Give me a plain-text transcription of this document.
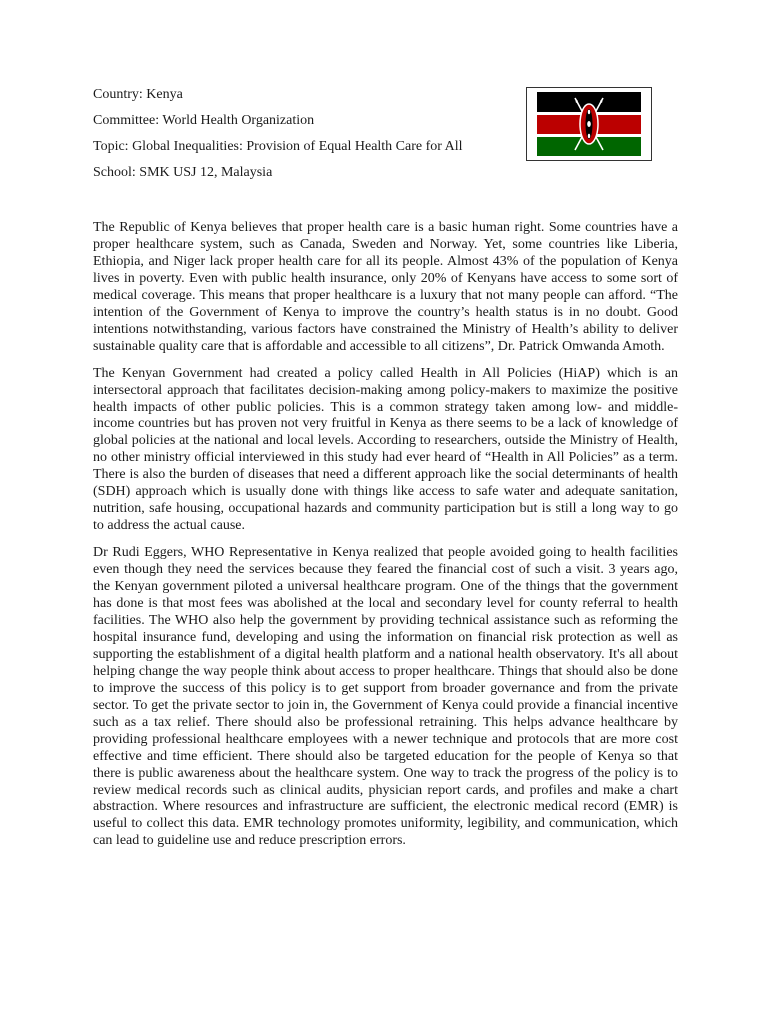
Country: Kenya
Committee: World Health Organization
Topic: Global Inequalities: Provision of Equal Health Care for All
School: SMK USJ 12, Malaysia

The Republic of Kenya believes that proper health care is a basic human right. Some countries have a proper healthcare system, such as Canada, Sweden and Norway. Yet, some countries like Liberia, Ethiopia, and Niger lack proper health care for all its people. Almost 43% of the population of Kenya lives in poverty. Even with public health insurance, only 20% of Kenyans have access to some sort of medical coverage. This means that proper healthcare is a luxury that not many people can afford. “The intention of the Government of Kenya to improve the country’s health status is in no doubt. Good intentions notwithstanding, various factors have constrained the Ministry of Health’s ability to deliver sustainable quality care that is affordable and accessible to all citizens”, Dr. Patrick Omwanda Amoth.

The Kenyan Government had created a policy called Health in All Policies (HiAP) which is an intersectoral approach that facilitates decision-making among policy-makers to maximize the positive health impacts of other public policies. This is a common strategy taken among low- and middle-income countries but has proven not very fruitful in Kenya as there seems to be a lack of knowledge of global policies at the national and local levels. According to researchers, outside the Ministry of Health, no other ministry official interviewed in this study had ever heard of “Health in All Policies” as a term. There is also the burden of diseases that need a different approach like the social determinants of health (SDH) approach which is usually done with things like access to safe water and adequate sanitation, nutrition, safe housing, occupational hazards and community participation but is still a long way to go to address the actual cause.

Dr Rudi Eggers, WHO Representative in Kenya realized that people avoided going to health facilities even though they need the services because they feared the financial cost of such a visit. 3 years ago, the Kenyan government piloted a universal healthcare program. One of the things that the government has done is that most fees was abolished at the local and secondary level for county referral to health facilities. The WHO also help the government by providing technical assistance such as reforming the hospital insurance fund, developing and using the information on financial risk protection as well as supporting the establishment of a digital health platform and a national health observatory. It's all about helping change the way people think about access to proper healthcare. Things that should also be done to improve the success of this policy is to get support from broader governance and from the private sector. To get the private sector to join in, the Government of Kenya could provide a financial incentive such as a tax relief. There should also be professional retraining. This helps advance healthcare by providing professional healthcare employees with a newer technique and protocols that are more cost effective and time efficient. There should also be targeted education for the people of Kenya so that there is public awareness about the healthcare system. One way to track the progress of the policy is to review medical records such as clinical audits, physician report cards, and profiles and make a chart abstraction. Where resources and infrastructure are sufficient, the electronic medical record (EMR) is useful to collect this data. EMR technology promotes uniformity, legibility, and communication, which can lead to guideline use and reduce prescription errors.
